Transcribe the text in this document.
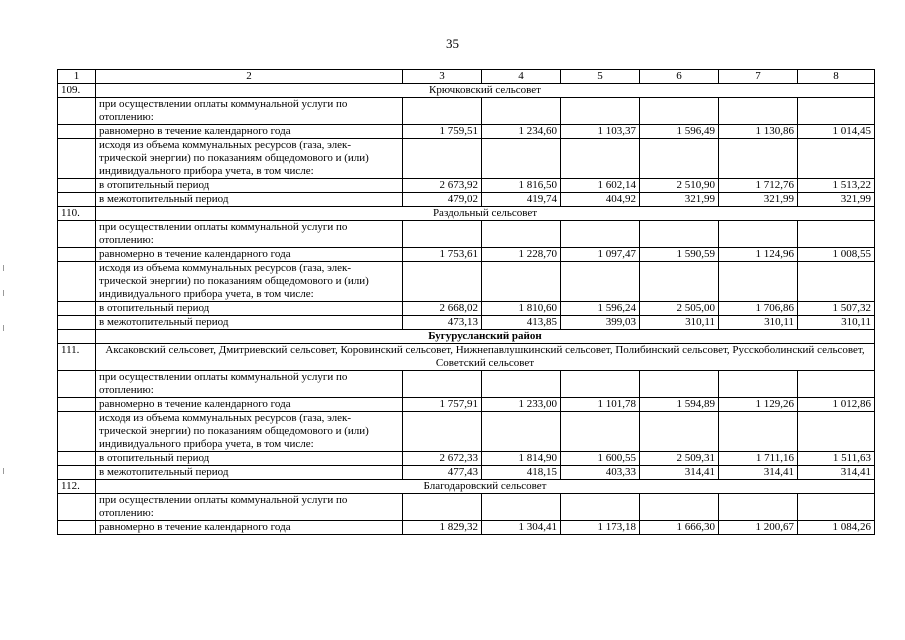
35
1	2	3	4	5	6	7	8
109.	Крючковский сельсовет						
	при осуществлении оплаты коммунальной услуги по отоплению:						
	равномерно в течение календарного года	1 759,51	1 234,60	1 103,37	1 596,49	1 130,86	1 014,45
	исходя из объема коммунальных ресурсов (газа, элек-трической энергии) по показаниям общедомового и (или) индивидуального прибора учета, в том числе:						
	в отопительный период	2 673,92	1 816,50	1 602,14	2 510,90	1 712,76	1 513,22
	в межотопительный период	479,02	419,74	404,92	321,99	321,99	321,99
110.	Раздольный сельсовет						
	при осуществлении оплаты коммунальной услуги по отоплению:						
	равномерно в течение календарного года	1 753,61	1 228,70	1 097,47	1 590,59	1 124,96	1 008,55
	исходя из объема коммунальных ресурсов (газа, элек-трической энергии) по показаниям общедомового и (или) индивидуального прибора учета, в том числе:						
	в отопительный период	2 668,02	1 810,60	1 596,24	2 505,00	1 706,86	1 507,32
	в межотопительный период	473,13	413,85	399,03	310,11	310,11	310,11
	Бугурусланский район						
111.	Аксаковский сельсовет, Дмитриевский сельсовет, Коровинский сельсовет, Нижнепавлушкинский сельсовет, Полибинский сельсовет, Русскоболинский сельсовет, Советский сельсовет						
	при осуществлении оплаты коммунальной услуги по отоплению:						
	равномерно в течение календарного года	1 757,91	1 233,00	1 101,78	1 594,89	1 129,26	1 012,86
	исходя из объема коммунальных ресурсов (газа, элек-трической энергии) по показаниям общедомового и (или) индивидуального прибора учета, в том числе:						
	в отопительный период	2 672,33	1 814,90	1 600,55	2 509,31	1 711,16	1 511,63
	в межотопительный период	477,43	418,15	403,33	314,41	314,41	314,41
112.	Благодаровский сельсовет						
	при осуществлении оплаты коммунальной услуги по отоплению:						
	равномерно в течение календарного года	1 829,32	1 304,41	1 173,18	1 666,30	1 200,67	1 084,26
